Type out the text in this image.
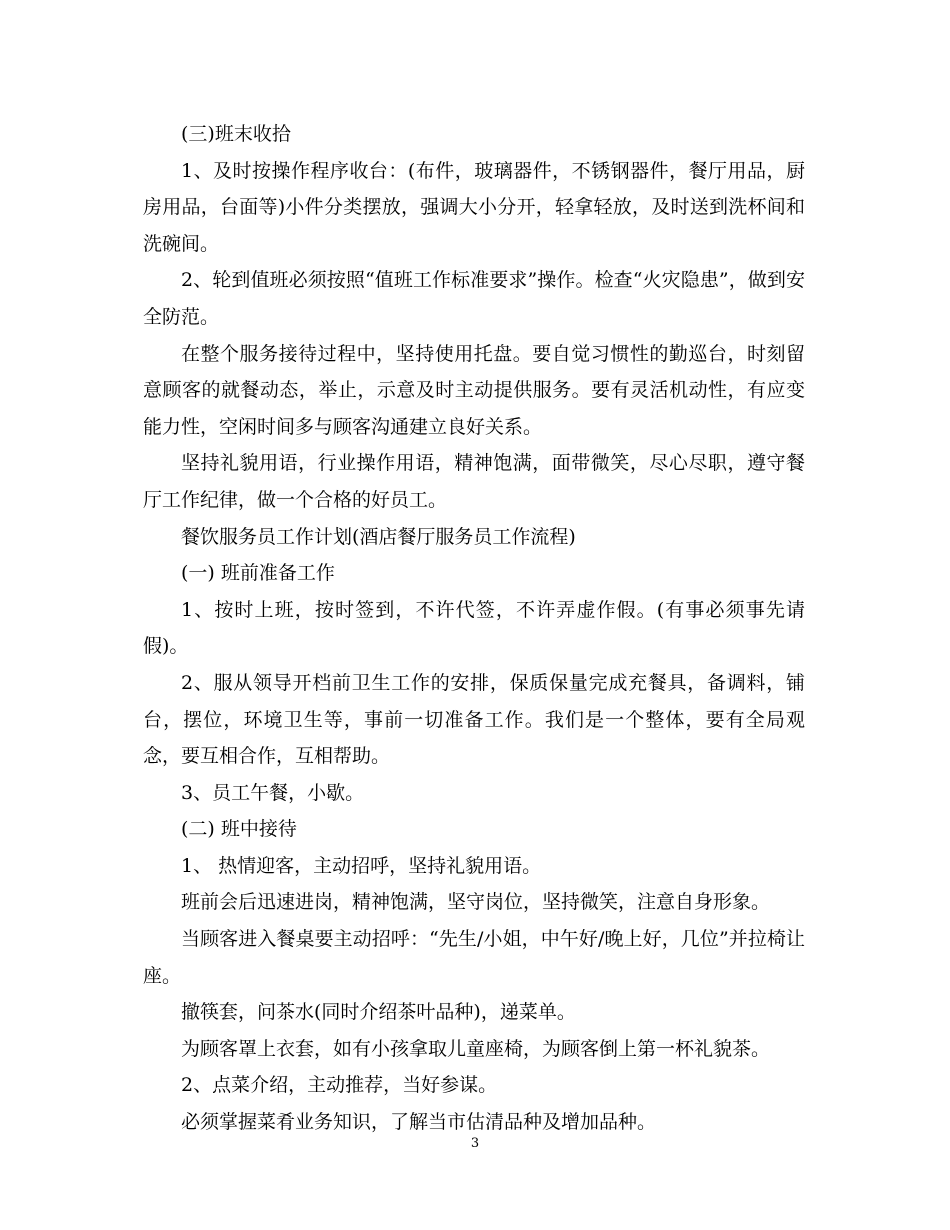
(三)班末收拾

1、及时按操作程序收台：(布件，玻璃器件，不锈钢器件，餐厅用品，厨房用品，台面等)小件分类摆放，强调大小分开，轻拿轻放，及时送到洗杯间和洗碗间。

2、轮到值班必须按照“值班工作标准要求”操作。检查“火灾隐患”，做到安全防范。

在整个服务接待过程中，坚持使用托盘。要自觉习惯性的勤巡台，时刻留意顾客的就餐动态，举止，示意及时主动提供服务。要有灵活机动性，有应变能力性，空闲时间多与顾客沟通建立良好关系。

坚持礼貌用语，行业操作用语，精神饱满，面带微笑，尽心尽职，遵守餐厅工作纪律，做一个合格的好员工。

餐饮服务员工作计划(酒店餐厅服务员工作流程)

(一) 班前准备工作

1、按时上班，按时签到，不许代签，不许弄虚作假。(有事必须事先请假)。

2、服从领导开档前卫生工作的安排，保质保量完成充餐具，备调料，铺台，摆位，环境卫生等，事前一切准备工作。我们是一个整体，要有全局观念，要互相合作，互相帮助。

3、员工午餐，小歇。

(二) 班中接待

1、 热情迎客，主动招呼，坚持礼貌用语。

班前会后迅速进岗，精神饱满，坚守岗位，坚持微笑，注意自身形象。

当顾客进入餐桌要主动招呼：“先生/小姐，中午好/晚上好，几位”并拉椅让座。

撤筷套，问茶水(同时介绍茶叶品种)，递菜单。

为顾客罩上衣套，如有小孩拿取儿童座椅，为顾客倒上第一杯礼貌茶。

2、点菜介绍，主动推荐，当好参谋。

必须掌握菜肴业务知识，了解当市估清品种及增加品种。

3
